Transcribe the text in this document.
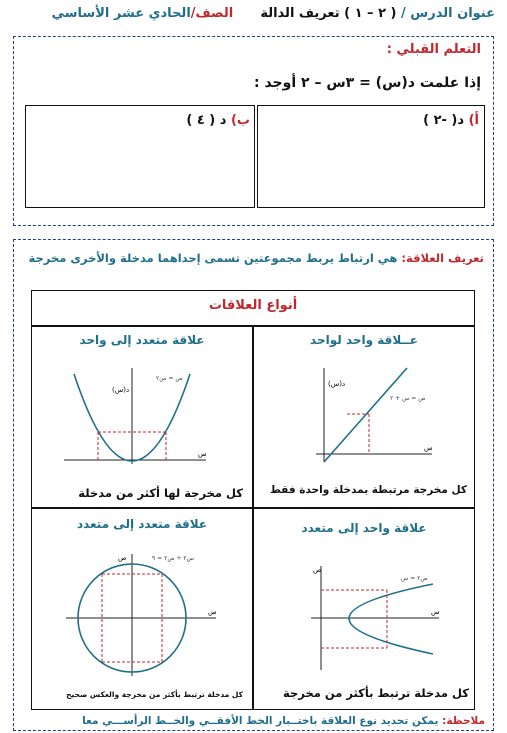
عنوان الدرس / ( ٢ – ١ ) تعريف الدالة      الصف/الحادي عشر الأساسي
التعلم القبلي :
إذا علمت د(س) = ٣س – ٢ أوجد :
أ) د( -٢ )
ب) د ( ٤ )
تعريف العلاقة: هي ارتباط يربط مجموعتين تسمى إحداهما مدخلة والأخرى مخرجة
أنواع العلاقات
عــلاقة واحد لواحد
علاقة متعدد إلى واحد
علاقة واحد إلى متعدد
علاقة متعدد إلى متعدد
كل مخرجة مرتبطة بمدخلة واحدة فقط
كل مخرجة لها أكثر من مدخلة
كل مدخلة ترتبط بأكثر من مخرجة
كل مدخلة ترتبط بأكثر من مخرجة والعكس صحيح
د(س)
ص = س + ٢
س
د(س)
ص = س٢
س
ص
ص٢ = س
س
ص	س٢ + ص٢ = ٩
س
ملاحظة: يمكن تحديد نوع العلاقة باختــبار الخط الأفقــي والخــط الرأســـي معا
